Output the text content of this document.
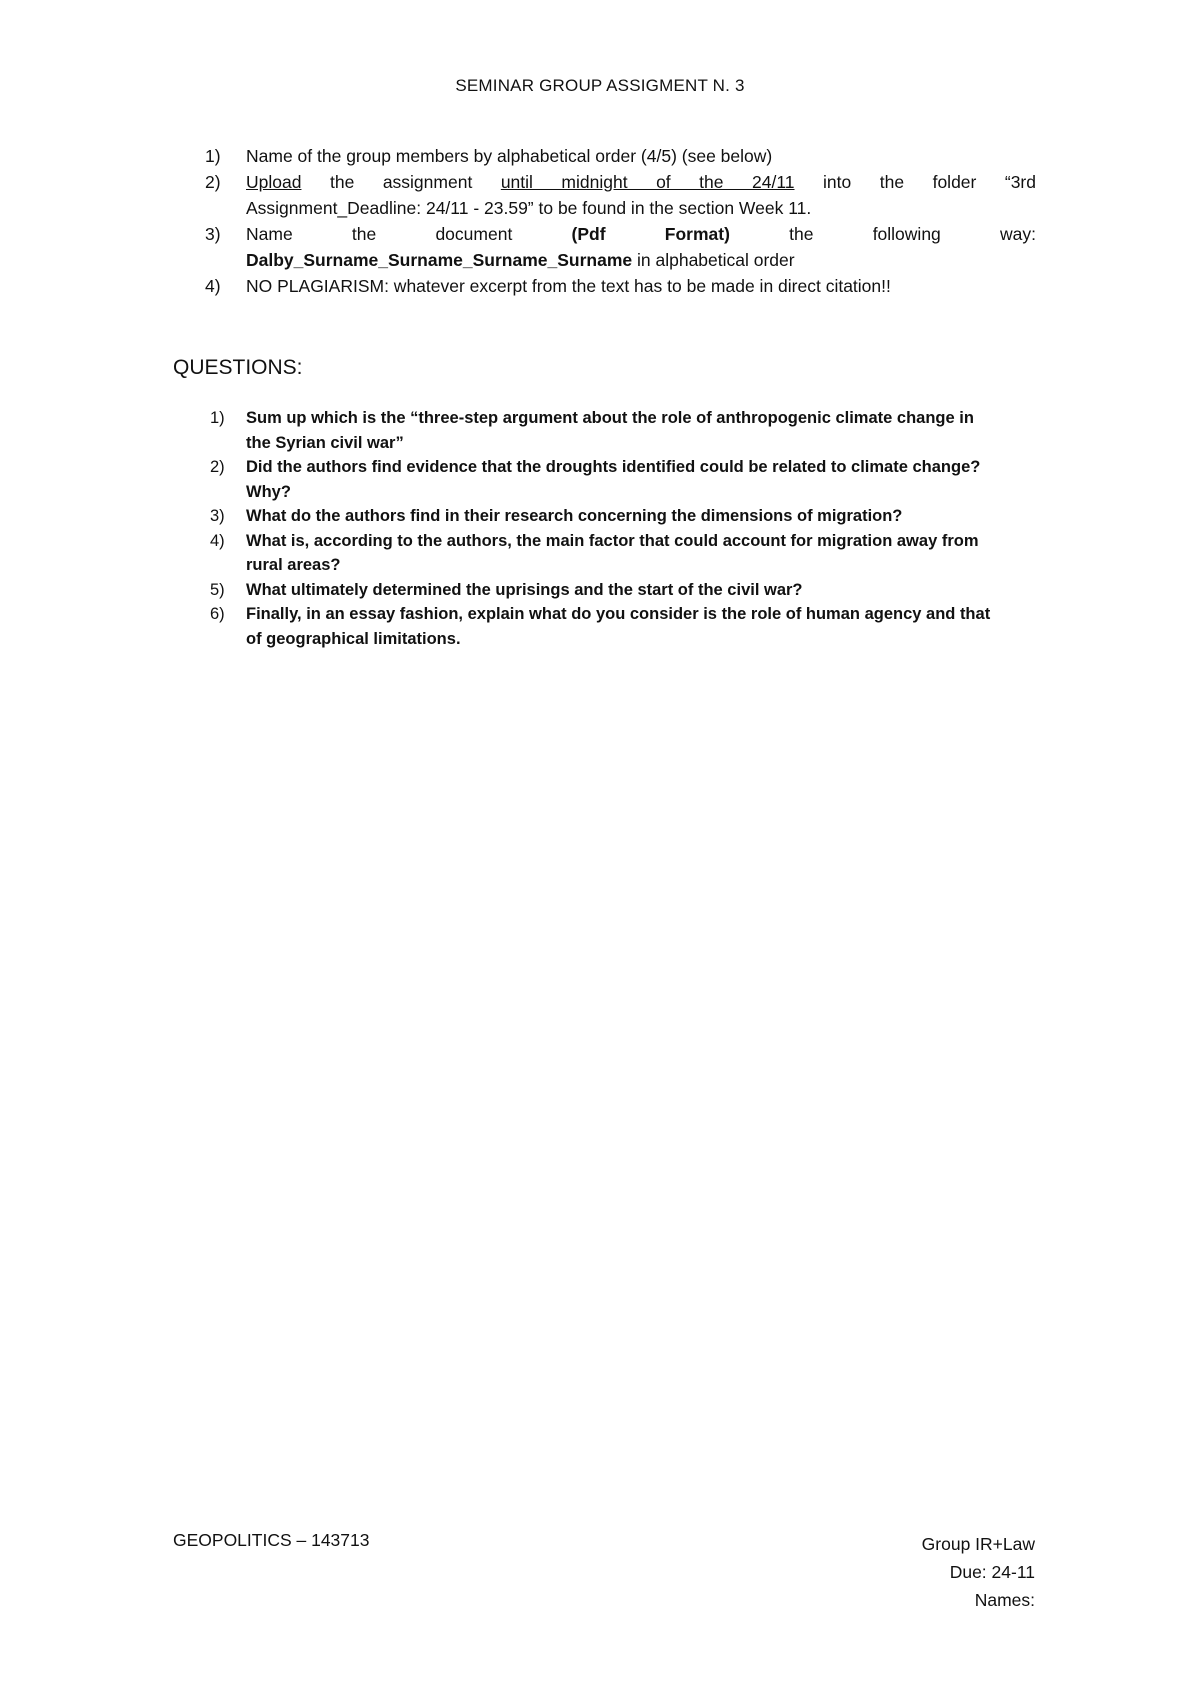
SEMINAR GROUP ASSIGMENT N. 3
1) Name of the group members by alphabetical order (4/5) (see below)
2) Upload the assignment until midnight of the 24/11 into the folder “3rd
Assignment_Deadline: 24/11 - 23.59” to be found in the section Week 11.
3) Name	the	document	(Pdf	Format)	the	following	way:
Dalby_Surname_Surname_Surname_Surname in alphabetical order
4) NO PLAGIARISM: whatever excerpt from the text has to be made in direct citation!!
QUESTIONS:
1) Sum up which is the “three-step argument about the role of anthropogenic climate change in
the Syrian civil war”
2) Did the authors find evidence that the droughts identified could be related to climate change?
Why?
3) What do the authors find in their research concerning the dimensions of migration?
4) What is, according to the authors, the main factor that could account for migration away from
rural areas?
5) What ultimately determined the uprisings and the start of the civil war?
6) Finally, in an essay fashion, explain what do you consider is the role of human agency and that
of geographical limitations.
GEOPOLITICS – 143713	Group IR+Law
Due: 24-11
Names:
